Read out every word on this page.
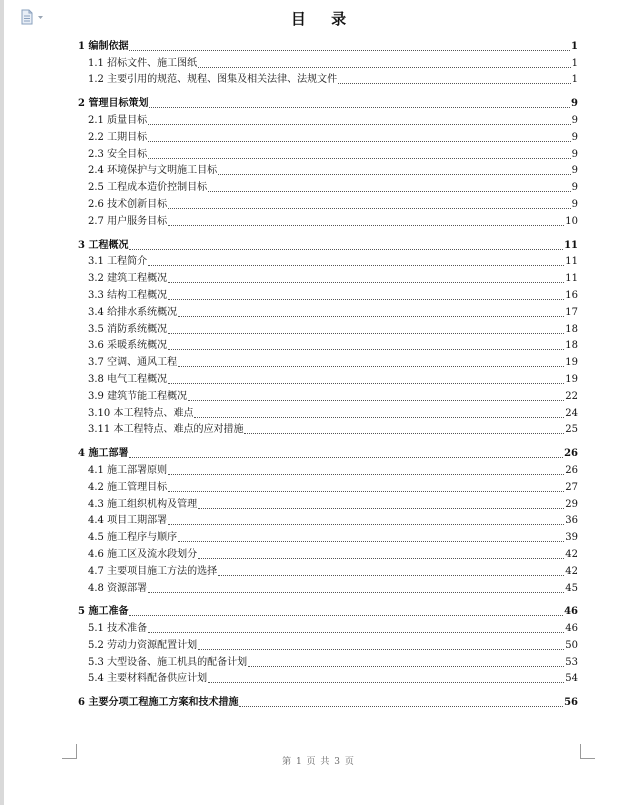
目 录
1 编制依据	1
1.1 招标文件、施工图纸	1
1.2 主要引用的规范、规程、图集及相关法律、法规文件	1
2 管理目标策划	9
2.1 质量目标	9
2.2 工期目标	9
2.3 安全目标	9
2.4 环境保护与文明施工目标	9
2.5 工程成本造价控制目标	9
2.6 技术创新目标	9
2.7 用户服务目标	10
3 工程概况	11
3.1 工程简介	11
3.2 建筑工程概况	11
3.3 结构工程概况	16
3.4 给排水系统概况	17
3.5 消防系统概况	18
3.6 采暖系统概况	18
3.7 空调、通风工程	19
3.8 电气工程概况	19
3.9 建筑节能工程概况	22
3.10 本工程特点、难点	24
3.11 本工程特点、难点的应对措施	25
4 施工部署	26
4.1 施工部署原则	26
4.2 施工管理目标	27
4.3 施工组织机构及管理	29
4.4 项目工期部署	36
4.5 施工程序与顺序	39
4.6 施工区及流水段划分	42
4.7 主要项目施工方法的选择	42
4.8 资源部署	45
5 施工准备	46
5.1 技术准备	46
5.2 劳动力资源配置计划	50
5.3 大型设备、施工机具的配备计划	53
5.4 主要材料配备供应计划	54
6 主要分项工程施工方案和技术措施	56
第 1 页 共 3 页
